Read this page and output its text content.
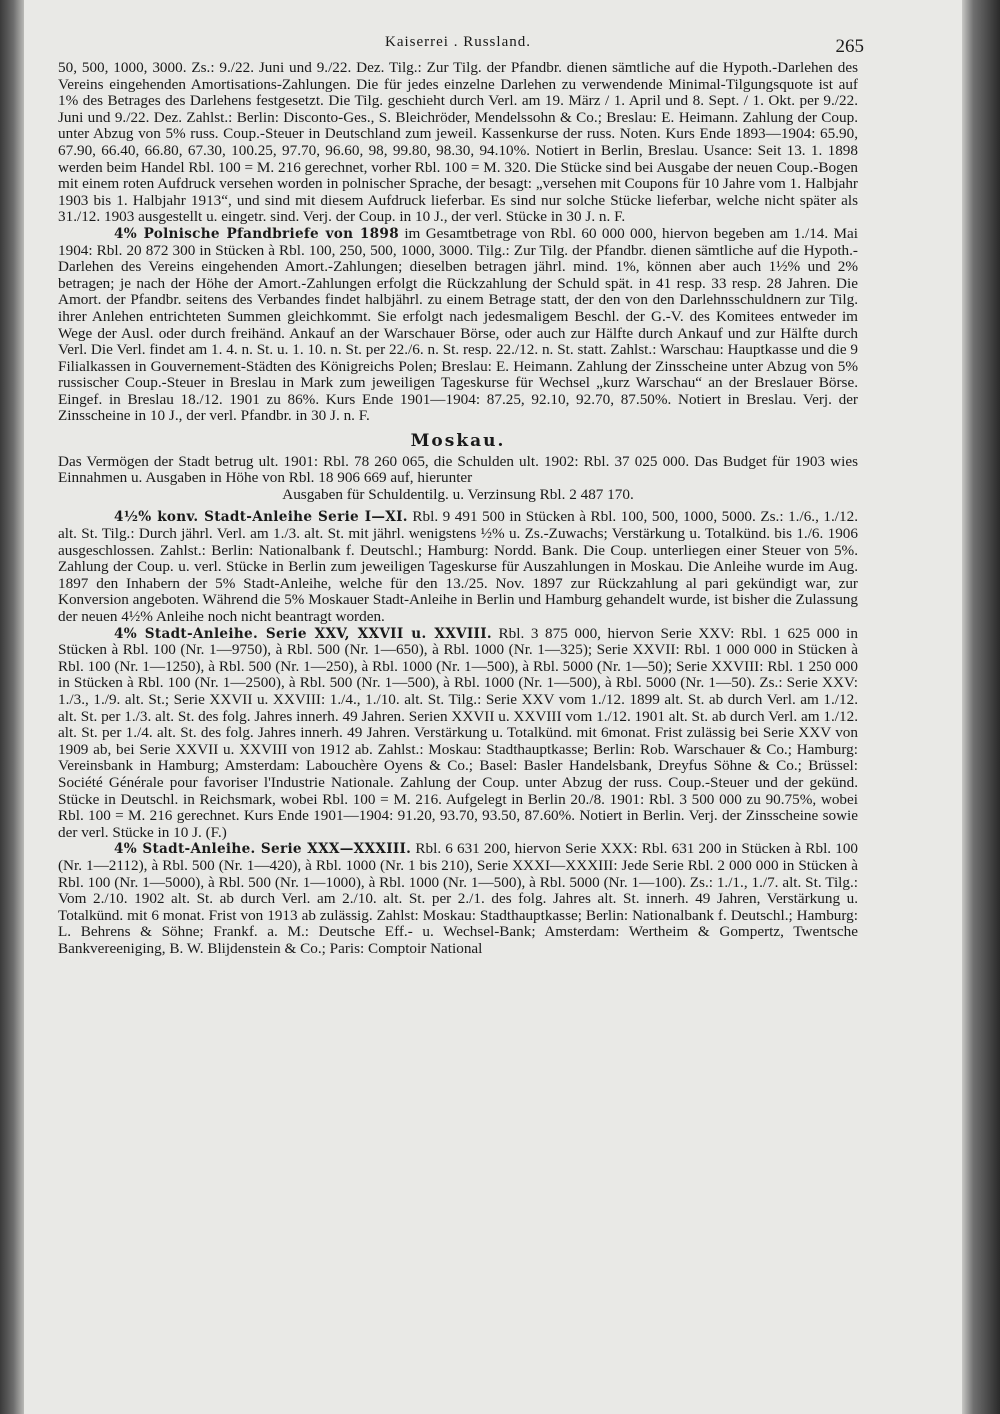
Kaiserrei . Russland.	265

50, 500, 1000, 3000. Zs.: 9./22. Juni und 9./22. Dez. Tilg.: Zur Tilg. der Pfandbr. dienen sämtliche auf die Hypoth.-Darlehen des Vereins eingehenden Amortisations-Zahlungen. Die für jedes einzelne Darlehen zu verwendende Minimal-Tilgungsquote ist auf 1% des Betrages des Darlehens festgesetzt. Die Tilg. geschieht durch Verl. am 19. März / 1. April und 8. Sept. / 1. Okt. per 9./22. Juni und 9./22. Dez. Zahlst.: Berlin: Disconto-Ges., S. Bleichröder, Mendelssohn & Co.; Breslau: E. Heimann. Zahlung der Coup. unter Abzug von 5% russ. Coup.-Steuer in Deutschland zum jeweil. Kassenkurse der russ. Noten. Kurs Ende 1893—1904: 65.90, 67.90, 66.40, 66.80, 67.30, 100.25, 97.70, 96.60, 98, 99.80, 98.30, 94.10%. Notiert in Berlin, Breslau. Usance: Seit 13. 1. 1898 werden beim Handel Rbl. 100 = M. 216 gerechnet, vorher Rbl. 100 = M. 320. Die Stücke sind bei Ausgabe der neuen Coup.-Bogen mit einem roten Aufdruck versehen worden in polnischer Sprache, der besagt: „versehen mit Coupons für 10 Jahre vom 1. Halbjahr 1903 bis 1. Halbjahr 1913“, und sind mit diesem Aufdruck lieferbar. Es sind nur solche Stücke lieferbar, welche nicht später als 31./12. 1903 ausgestellt u. eingetr. sind. Verj. der Coup. in 10 J., der verl. Stücke in 30 J. n. F.

4% Polnische Pfandbriefe von 1898 im Gesamtbetrage von Rbl. 60 000 000, hiervon begeben am 1./14. Mai 1904: Rbl. 20 872 300 in Stücken à Rbl. 100, 250, 500, 1000, 3000. Tilg.: Zur Tilg. der Pfandbr. dienen sämtliche auf die Hypoth.-Darlehen des Vereins eingehenden Amort.-Zahlungen; dieselben betragen jährl. mind. 1%, können aber auch 1½% und 2% betragen; je nach der Höhe der Amort.-Zahlungen erfolgt die Rückzahlung der Schuld spät. in 41 resp. 33 resp. 28 Jahren. Die Amort. der Pfandbr. seitens des Verbandes findet halbjährl. zu einem Betrage statt, der den von den Darlehnsschuldnern zur Tilg. ihrer Anlehen entrichteten Summen gleichkommt. Sie erfolgt nach jedesmaligem Beschl. der G.-V. des Komitees entweder im Wege der Ausl. oder durch freihänd. Ankauf an der Warschauer Börse, oder auch zur Hälfte durch Ankauf und zur Hälfte durch Verl. Die Verl. findet am 1. 4. n. St. u. 1. 10. n. St. per 22./6. n. St. resp. 22./12. n. St. statt. Zahlst.: Warschau: Hauptkasse und die 9 Filialkassen in Gouvernement-Städten des Königreichs Polen; Breslau: E. Heimann. Zahlung der Zinsscheine unter Abzug von 5% russischer Coup.-Steuer in Breslau in Mark zum jeweiligen Tageskurse für Wechsel „kurz Warschau“ an der Breslauer Börse. Eingef. in Breslau 18./12. 1901 zu 86%. Kurs Ende 1901—1904: 87.25, 92.10, 92.70, 87.50%. Notiert in Breslau. Verj. der Zinsscheine in 10 J., der verl. Pfandbr. in 30 J. n. F.

Moskau.

Das Vermögen der Stadt betrug ult. 1901: Rbl. 78 260 065, die Schulden ult. 1902: Rbl. 37 025 000. Das Budget für 1903 wies Einnahmen u. Ausgaben in Höhe von Rbl. 18 906 669 auf, hierunter

Ausgaben für Schuldentilg. u. Verzinsung Rbl. 2 487 170.

4½% konv. Stadt-Anleihe Serie I—XI. Rbl. 9 491 500 in Stücken à Rbl. 100, 500, 1000, 5000. Zs.: 1./6., 1./12. alt. St. Tilg.: Durch jährl. Verl. am 1./3. alt. St. mit jährl. wenigstens ½% u. Zs.-Zuwachs; Verstärkung u. Totalkünd. bis 1./6. 1906 ausgeschlossen. Zahlst.: Berlin: Nationalbank f. Deutschl.; Hamburg: Nordd. Bank. Die Coup. unterliegen einer Steuer von 5%. Zahlung der Coup. u. verl. Stücke in Berlin zum jeweiligen Tageskurse für Auszahlungen in Moskau. Die Anleihe wurde im Aug. 1897 den Inhabern der 5% Stadt-Anleihe, welche für den 13./25. Nov. 1897 zur Rückzahlung al pari gekündigt war, zur Konversion angeboten. Während die 5% Moskauer Stadt-Anleihe in Berlin und Hamburg gehandelt wurde, ist bisher die Zulassung der neuen 4½% Anleihe noch nicht beantragt worden.

4% Stadt-Anleihe. Serie XXV, XXVII u. XXVIII. Rbl. 3 875 000, hiervon Serie XXV: Rbl. 1 625 000 in Stücken à Rbl. 100 (Nr. 1—9750), à Rbl. 500 (Nr. 1—650), à Rbl. 1000 (Nr. 1—325); Serie XXVII: Rbl. 1 000 000 in Stücken à Rbl. 100 (Nr. 1—1250), à Rbl. 500 (Nr. 1—250), à Rbl. 1000 (Nr. 1—500), à Rbl. 5000 (Nr. 1—50); Serie XXVIII: Rbl. 1 250 000 in Stücken à Rbl. 100 (Nr. 1—2500), à Rbl. 500 (Nr. 1—500), à Rbl. 1000 (Nr. 1—500), à Rbl. 5000 (Nr. 1—50). Zs.: Serie XXV: 1./3., 1./9. alt. St.; Serie XXVII u. XXVIII: 1./4., 1./10. alt. St. Tilg.: Serie XXV vom 1./12. 1899 alt. St. ab durch Verl. am 1./12. alt. St. per 1./3. alt. St. des folg. Jahres innerh. 49 Jahren. Serien XXVII u. XXVIII vom 1./12. 1901 alt. St. ab durch Verl. am 1./12. alt. St. per 1./4. alt. St. des folg. Jahres innerh. 49 Jahren. Verstärkung u. Totalkünd. mit 6monat. Frist zulässig bei Serie XXV von 1909 ab, bei Serie XXVII u. XXVIII von 1912 ab. Zahlst.: Moskau: Stadthauptkasse; Berlin: Rob. Warschauer & Co.; Hamburg: Vereinsbank in Hamburg; Amsterdam: Labouchère Oyens & Co.; Basel: Basler Handelsbank, Dreyfus Söhne & Co.; Brüssel: Société Générale pour favoriser l'Industrie Nationale. Zahlung der Coup. unter Abzug der russ. Coup.-Steuer und der gekünd. Stücke in Deutschl. in Reichsmark, wobei Rbl. 100 = M. 216. Aufgelegt in Berlin 20./8. 1901: Rbl. 3 500 000 zu 90.75%, wobei Rbl. 100 = M. 216 gerechnet. Kurs Ende 1901—1904: 91.20, 93.70, 93.50, 87.60%. Notiert in Berlin. Verj. der Zinsscheine sowie der verl. Stücke in 10 J. (F.)

4% Stadt-Anleihe. Serie XXX—XXXIII. Rbl. 6 631 200, hiervon Serie XXX: Rbl. 631 200 in Stücken à Rbl. 100 (Nr. 1—2112), à Rbl. 500 (Nr. 1—420), à Rbl. 1000 (Nr. 1 bis 210), Serie XXXI—XXXIII: Jede Serie Rbl. 2 000 000 in Stücken à Rbl. 100 (Nr. 1—5000), à Rbl. 500 (Nr. 1—1000), à Rbl. 1000 (Nr. 1—500), à Rbl. 5000 (Nr. 1—100). Zs.: 1./1., 1./7. alt. St. Tilg.: Vom 2./10. 1902 alt. St. ab durch Verl. am 2./10. alt. St. per 2./1. des folg. Jahres alt. St. innerh. 49 Jahren, Verstärkung u. Totalkünd. mit 6 monat. Frist von 1913 ab zulässig. Zahlst: Moskau: Stadthauptkasse; Berlin: Nationalbank f. Deutschl.; Hamburg: L. Behrens & Söhne; Frankf. a. M.: Deutsche Eff.- u. Wechsel-Bank; Amsterdam: Wertheim & Gompertz, Twentsche Bankvereeniging, B. W. Blijdenstein & Co.; Paris: Comptoir National
